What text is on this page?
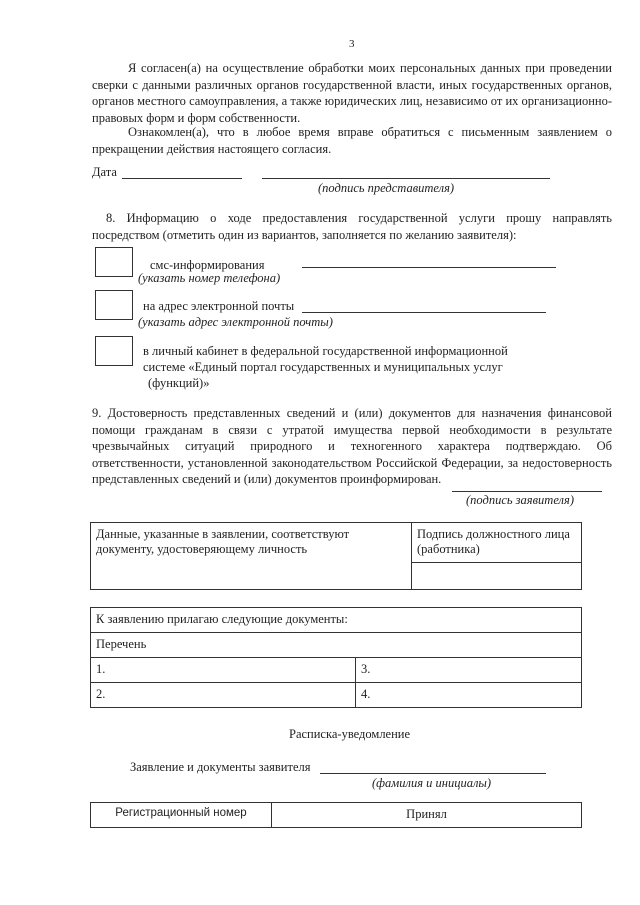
3
Я согласен(а) на осуществление обработки моих персональных данных при проведении сверки с данными различных органов государственной власти, иных государственных органов, органов местного самоуправления, а также юридических лиц, независимо от их организационно-правовых форм и форм собственности.
Ознакомлен(а), что в любое время вправе обратиться с письменным заявлением о прекращении действия настоящего согласия.
Дата
(подпись представителя)
8. Информацию о ходе предоставления государственной услуги прошу направлять посредством (отметить один из вариантов, заполняется по желанию заявителя):
смс-информирования
(указать номер телефона)
на адрес электронной почты
(указать адрес электронной почты)
в личный кабинет в федеральной государственной информационной
системе «Единый портал государственных и муниципальных услуг
(функций)»
9. Достоверность представленных сведений и (или) документов для назначения финансовой помощи гражданам в связи с утратой имущества первой необходимости в результате чрезвычайных ситуаций природного и техногенного характера подтверждаю. Об ответственности, установленной законодательством Российской Федерации, за недостоверность представленных сведений и (или) документов проинформирован.
(подпись заявителя)
Данные, указанные в заявлении, соответствуют документу, удостоверяющему личность	Подпись должностного лица (работника)

К заявлению прилагаю следующие документы:	
Перечень	
1.	3.
2.	4.
Расписка-уведомление
Заявление и документы заявителя
(фамилия и инициалы)
Регистрационный номер	Принял
